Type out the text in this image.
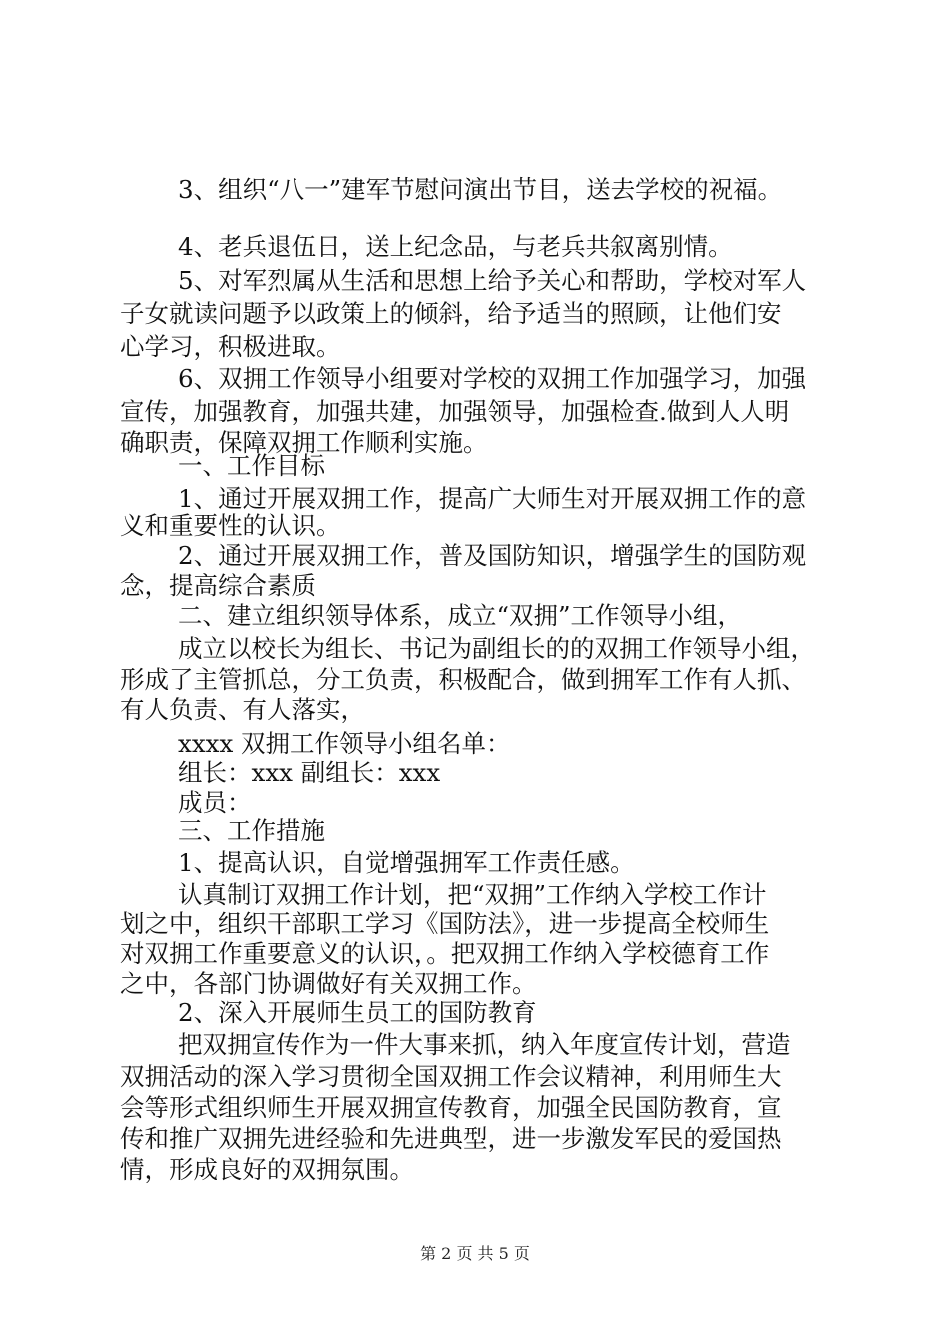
3、组织“八一”建军节慰问演出节目，送去学校的祝福。
4、老兵退伍日，送上纪念品，与老兵共叙离别情。
5、对军烈属从生活和思想上给予关心和帮助，学校对军人
子女就读问题予以政策上的倾斜，给予适当的照顾，让他们安
心学习，积极进取。
6、双拥工作领导小组要对学校的双拥工作加强学习，加强
宣传，加强教育，加强共建，加强领导，加强检查.做到人人明
确职责，保障双拥工作顺利实施。
一、工作目标
1、通过开展双拥工作，提高广大师生对开展双拥工作的意
义和重要性的认识。
2、通过开展双拥工作，普及国防知识，增强学生的国防观
念，提高综合素质
二、建立组织领导体系，成立“双拥”工作领导小组，
成立以校长为组长、书记为副组长的的双拥工作领导小组，
形成了主管抓总，分工负责，积极配合，做到拥军工作有人抓、
有人负责、有人落实，
xxxx 双拥工作领导小组名单：
组长：xxx 副组长：xxx
成员：
三、工作措施
1、提高认识，自觉增强拥军工作责任感。
认真制订双拥工作计划，把“双拥”工作纳入学校工作计
划之中，组织干部职工学习《国防法》，进一步提高全校师生
对双拥工作重要意义的认识，。把双拥工作纳入学校德育工作
之中，各部门协调做好有关双拥工作。
2、深入开展师生员工的国防教育
把双拥宣传作为一件大事来抓，纳入年度宣传计划，营造
双拥活动的深入学习贯彻全国双拥工作会议精神，利用师生大
会等形式组织师生开展双拥宣传教育，加强全民国防教育，宣
传和推广双拥先进经验和先进典型，进一步激发军民的爱国热
情，形成良好的双拥氛围。
第 2 页 共 5 页
